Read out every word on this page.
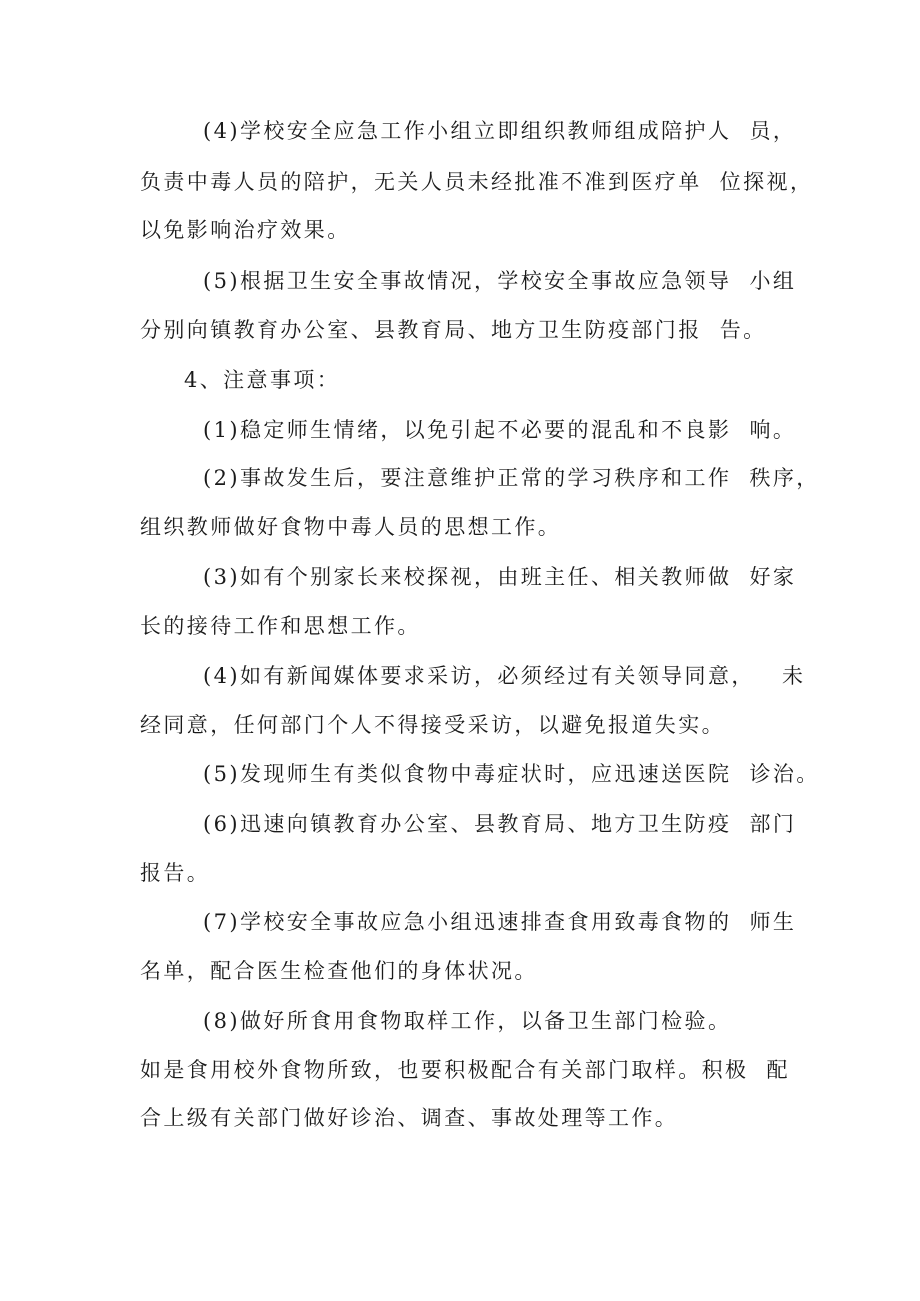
(4)学校安全应急工作小组立即组织教师组成陪护人  员，
负责中毒人员的陪护，无关人员未经批准不准到医疗单  位探视，
以免影响治疗效果。
(5)根据卫生安全事故情况，学校安全事故应急领导  小组
分别向镇教育办公室、县教育局、地方卫生防疫部门报  告。
4、注意事项：
(1)稳定师生情绪，以免引起不必要的混乱和不良影  响。
(2)事故发生后，要注意维护正常的学习秩序和工作  秩序，
组织教师做好食物中毒人员的思想工作。
(3)如有个别家长来校探视，由班主任、相关教师做  好家
长的接待工作和思想工作。
(4)如有新闻媒体要求采访，必须经过有关领导同意，   未
经同意，任何部门个人不得接受采访，以避免报道失实。
(5)发现师生有类似食物中毒症状时，应迅速送医院  诊治。
(6)迅速向镇教育办公室、县教育局、地方卫生防疫  部门
报告。
(7)学校安全事故应急小组迅速排查食用致毒食物的  师生
名单，配合医生检查他们的身体状况。
(8)做好所食用食物取样工作，以备卫生部门检验。
如是食用校外食物所致，也要积极配合有关部门取样。积极  配
合上级有关部门做好诊治、调查、事故处理等工作。
